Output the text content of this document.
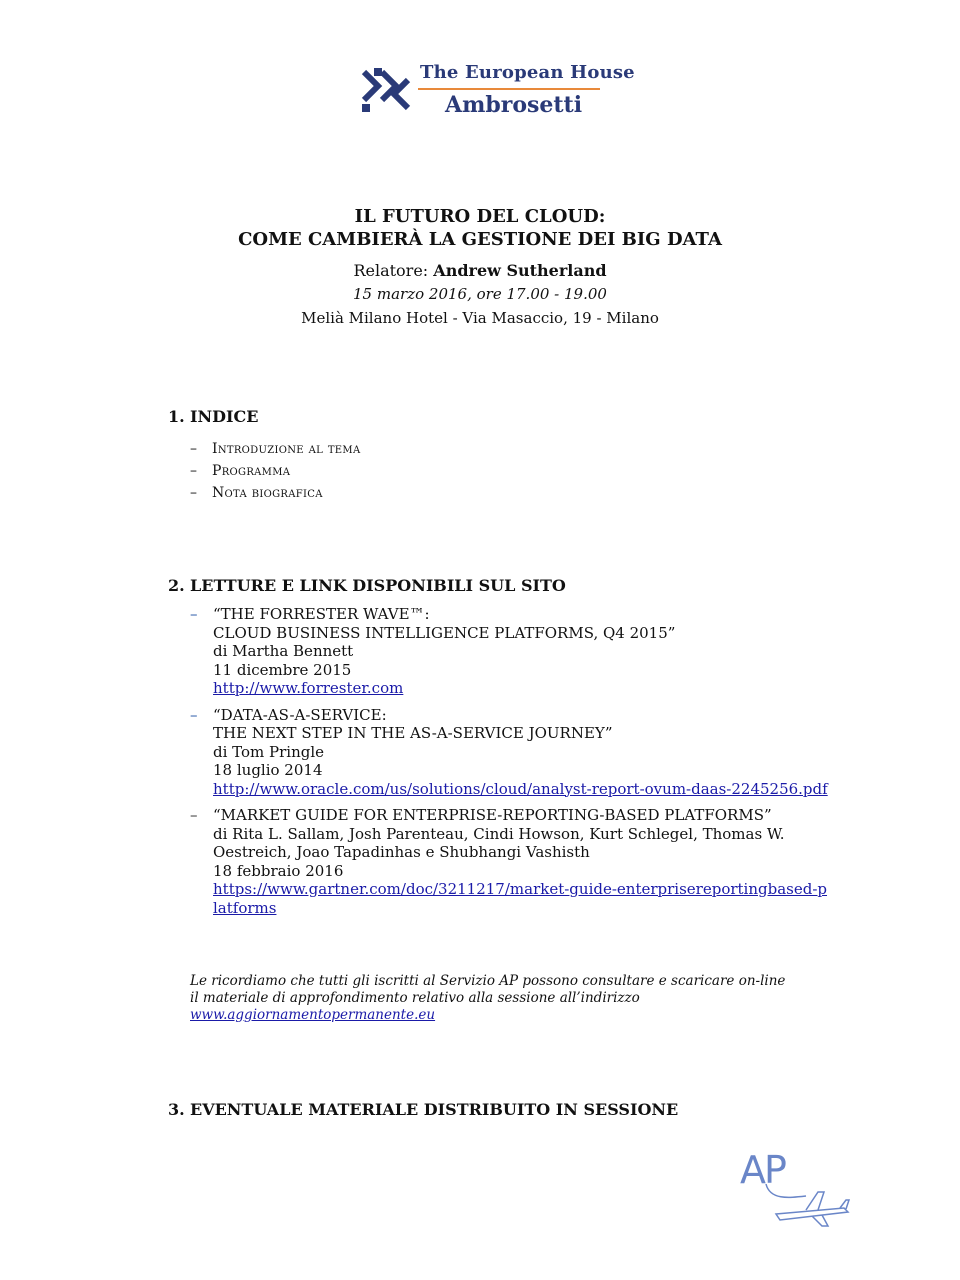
The European House
Ambrosetti
IL FUTURO DEL CLOUD:
COME CAMBIERÀ LA GESTIONE DEI BIG DATA
Relatore: Andrew Sutherland
15 marzo 2016, ore 17.00 - 19.00
Melià Milano Hotel - Via Masaccio, 19 - Milano
1. INDICE
– Introduzione al tema
– Programma
– Nota biografica
2. LETTURE E LINK DISPONIBILI SUL SITO
– “THE FORRESTER WAVE™:
CLOUD BUSINESS INTELLIGENCE PLATFORMS, Q4 2015”
di Martha Bennett
11 dicembre 2015
http://www.forrester.com
– “DATA-AS-A-SERVICE:
THE NEXT STEP IN THE AS-A-SERVICE JOURNEY”
di Tom Pringle
18 luglio 2014
http://www.oracle.com/us/solutions/cloud/analyst-report-ovum-daas-2245256.pdf
– “MARKET GUIDE FOR ENTERPRISE-REPORTING-BASED PLATFORMS”
di Rita L. Sallam, Josh Parenteau, Cindi Howson, Kurt Schlegel, Thomas W. Oestreich, Joao Tapadinhas e Shubhangi Vashisth
18 febbraio 2016
https://www.gartner.com/doc/3211217/market-guide-enterprisereportingbased-platforms
Le ricordiamo che tutti gli iscritti al Servizio AP possono consultare e scaricare on-line il materiale di approfondimento relativo alla sessione all’indirizzo
www.aggiornamentopermanente.eu
3. EVENTUALE MATERIALE DISTRIBUITO IN SESSIONE
AP
